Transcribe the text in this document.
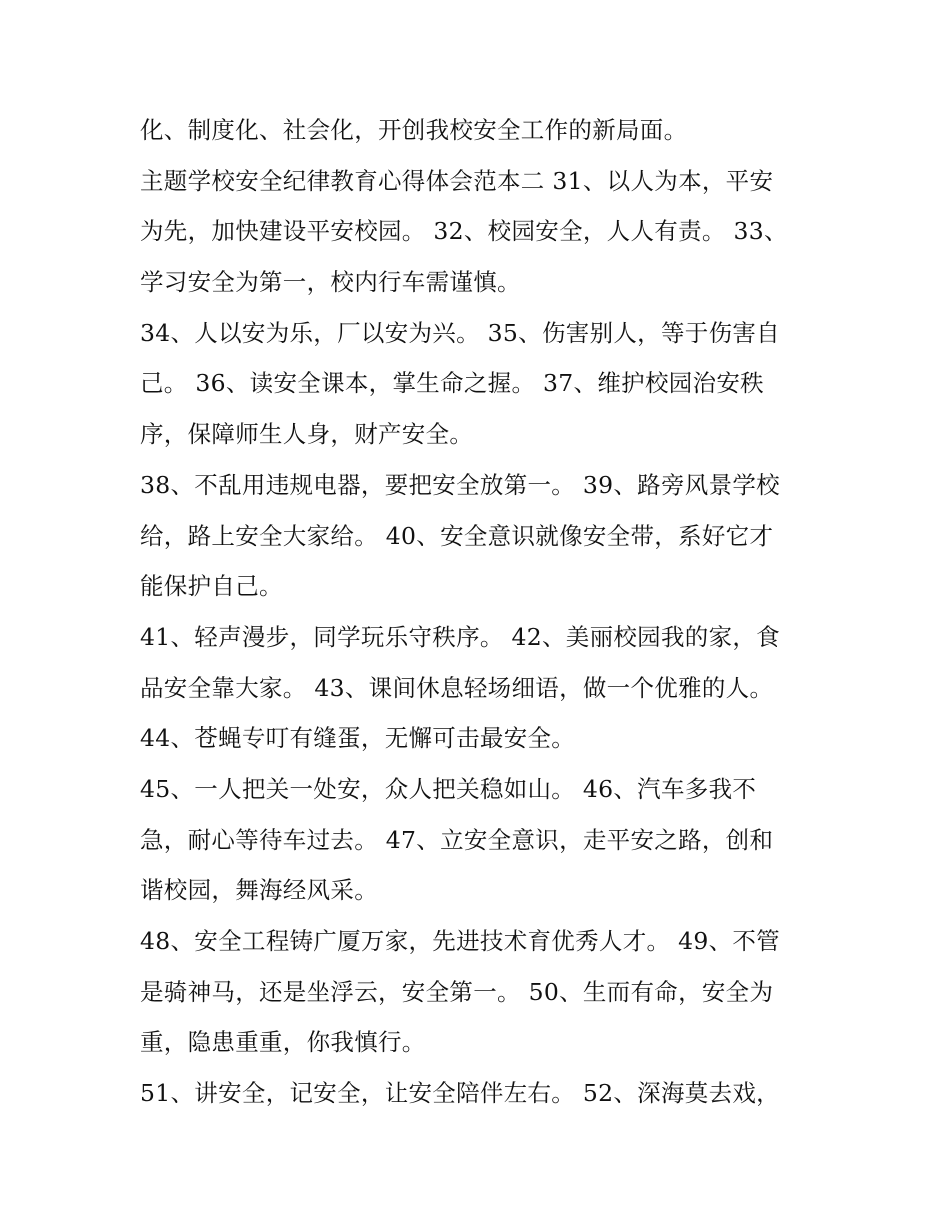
化、制度化、社会化，开创我校安全工作的新局面。
主题学校安全纪律教育心得体会范本二 31、以人为本，平安
为先，加快建设平安校园。 32、校园安全，人人有责。 33、
学习安全为第一，校内行车需谨慎。
34、人以安为乐，厂以安为兴。 35、伤害别人，等于伤害自
己。 36、读安全课本，掌生命之握。 37、维护校园治安秩
序，保障师生人身，财产安全。
38、不乱用违规电器，要把安全放第一。 39、路旁风景学校
给，路上安全大家给。 40、安全意识就像安全带，系好它才
能保护自己。
41、轻声漫步，同学玩乐守秩序。 42、美丽校园我的家，食
品安全靠大家。 43、课间休息轻场细语，做一个优雅的人。
44、苍蝇专叮有缝蛋，无懈可击最安全。
45、一人把关一处安，众人把关稳如山。 46、汽车多我不
急，耐心等待车过去。 47、立安全意识，走平安之路，创和
谐校园，舞海经风采。
48、安全工程铸广厦万家，先进技术育优秀人才。 49、不管
是骑神马，还是坐浮云，安全第一。 50、生而有命，安全为
重，隐患重重，你我慎行。
51、讲安全，记安全，让安全陪伴左右。 52、深海莫去戏，
